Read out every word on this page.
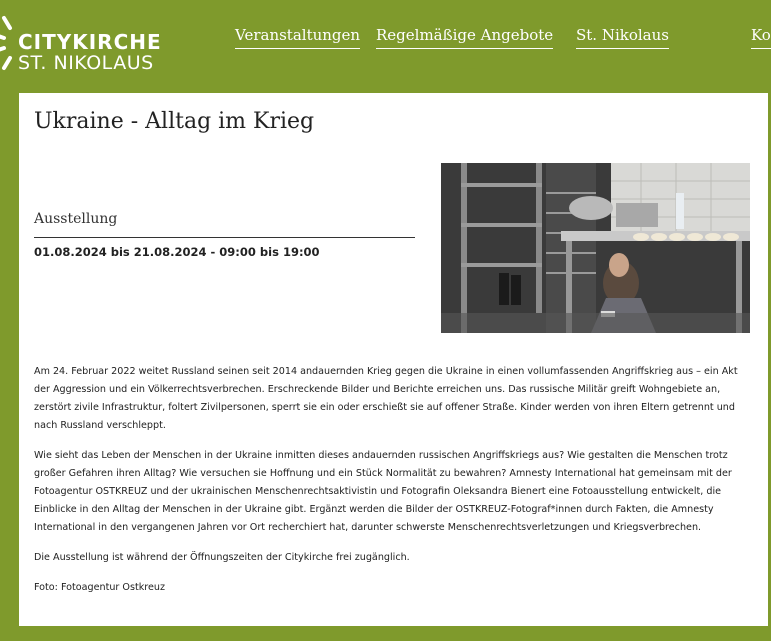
CITYKIRCHE
ST. NIKOLAUS
Veranstaltungen Regelmäßige Angebote St. Nikolaus	Ko
Ukraine - Alltag im Krieg
Ausstellung
01.08.2024 bis 21.08.2024 - 09:00 bis 19:00

Am 24. Februar 2022 weitet Russland seinen seit 2014 andauernden Krieg gegen die Ukraine in einen vollumfassenden Angriffskrieg aus – ein Akt der Aggression und ein Völkerrechtsverbrechen. Erschreckende Bilder und Berichte erreichen uns. Das russische Militär greift Wohngebiete an, zerstört zivile Infrastruktur, foltert Zivilpersonen, sperrt sie ein oder erschießt sie auf offener Straße. Kinder werden von ihren Eltern getrennt und nach Russland verschleppt.

Wie sieht das Leben der Menschen in der Ukraine inmitten dieses andauernden russischen Angriffskriegs aus? Wie gestalten die Menschen trotz großer Gefahren ihren Alltag? Wie versuchen sie Hoffnung und ein Stück Normalität zu bewahren? Amnesty International hat gemeinsam mit der Fotoagentur OSTKREUZ und der ukrainischen Menschenrechtsaktivistin und Fotografin Oleksandra Bienert eine Fotoausstellung entwickelt, die Einblicke in den Alltag der Menschen in der Ukraine gibt. Ergänzt werden die Bilder der OSTKREUZ-Fotograf*innen durch Fakten, die Amnesty International in den vergangenen Jahren vor Ort recherchiert hat, darunter schwerste Menschenrechtsverletzungen und Kriegsverbrechen.

Die Ausstellung ist während der Öffnungszeiten der Citykirche frei zugänglich.

Foto: Fotoagentur Ostkreuz
